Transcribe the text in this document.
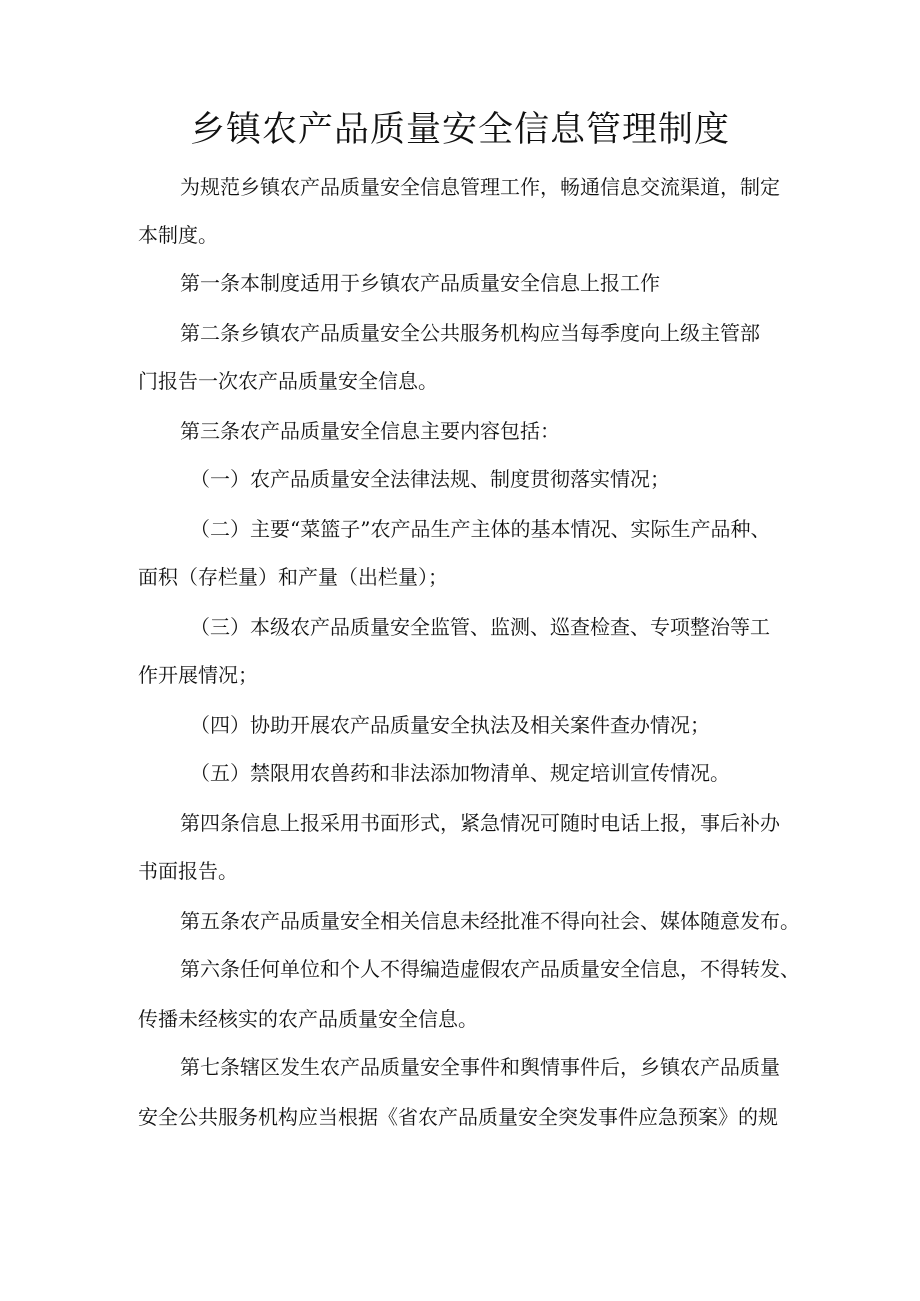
乡镇农产品质量安全信息管理制度
为规范乡镇农产品质量安全信息管理工作，畅通信息交流渠道，制定
本制度。
第一条本制度适用于乡镇农产品质量安全信息上报工作
第二条乡镇农产品质量安全公共服务机构应当每季度向上级主管部
门报告一次农产品质量安全信息。
第三条农产品质量安全信息主要内容包括：
（一）农产品质量安全法律法规、制度贯彻落实情况；
（二）主要“菜篮子”农产品生产主体的基本情况、实际生产品种、
面积（存栏量）和产量（出栏量）；
（三）本级农产品质量安全监管、监测、巡查检查、专项整治等工
作开展情况；
（四）协助开展农产品质量安全执法及相关案件查办情况；
（五）禁限用农兽药和非法添加物清单、规定培训宣传情况。
第四条信息上报采用书面形式，紧急情况可随时电话上报，事后补办
书面报告。
第五条农产品质量安全相关信息未经批准不得向社会、媒体随意发布。
第六条任何单位和个人不得编造虚假农产品质量安全信息，不得转发、
传播未经核实的农产品质量安全信息。
第七条辖区发生农产品质量安全事件和舆情事件后，乡镇农产品质量
安全公共服务机构应当根据《省农产品质量安全突发事件应急预案》的规
